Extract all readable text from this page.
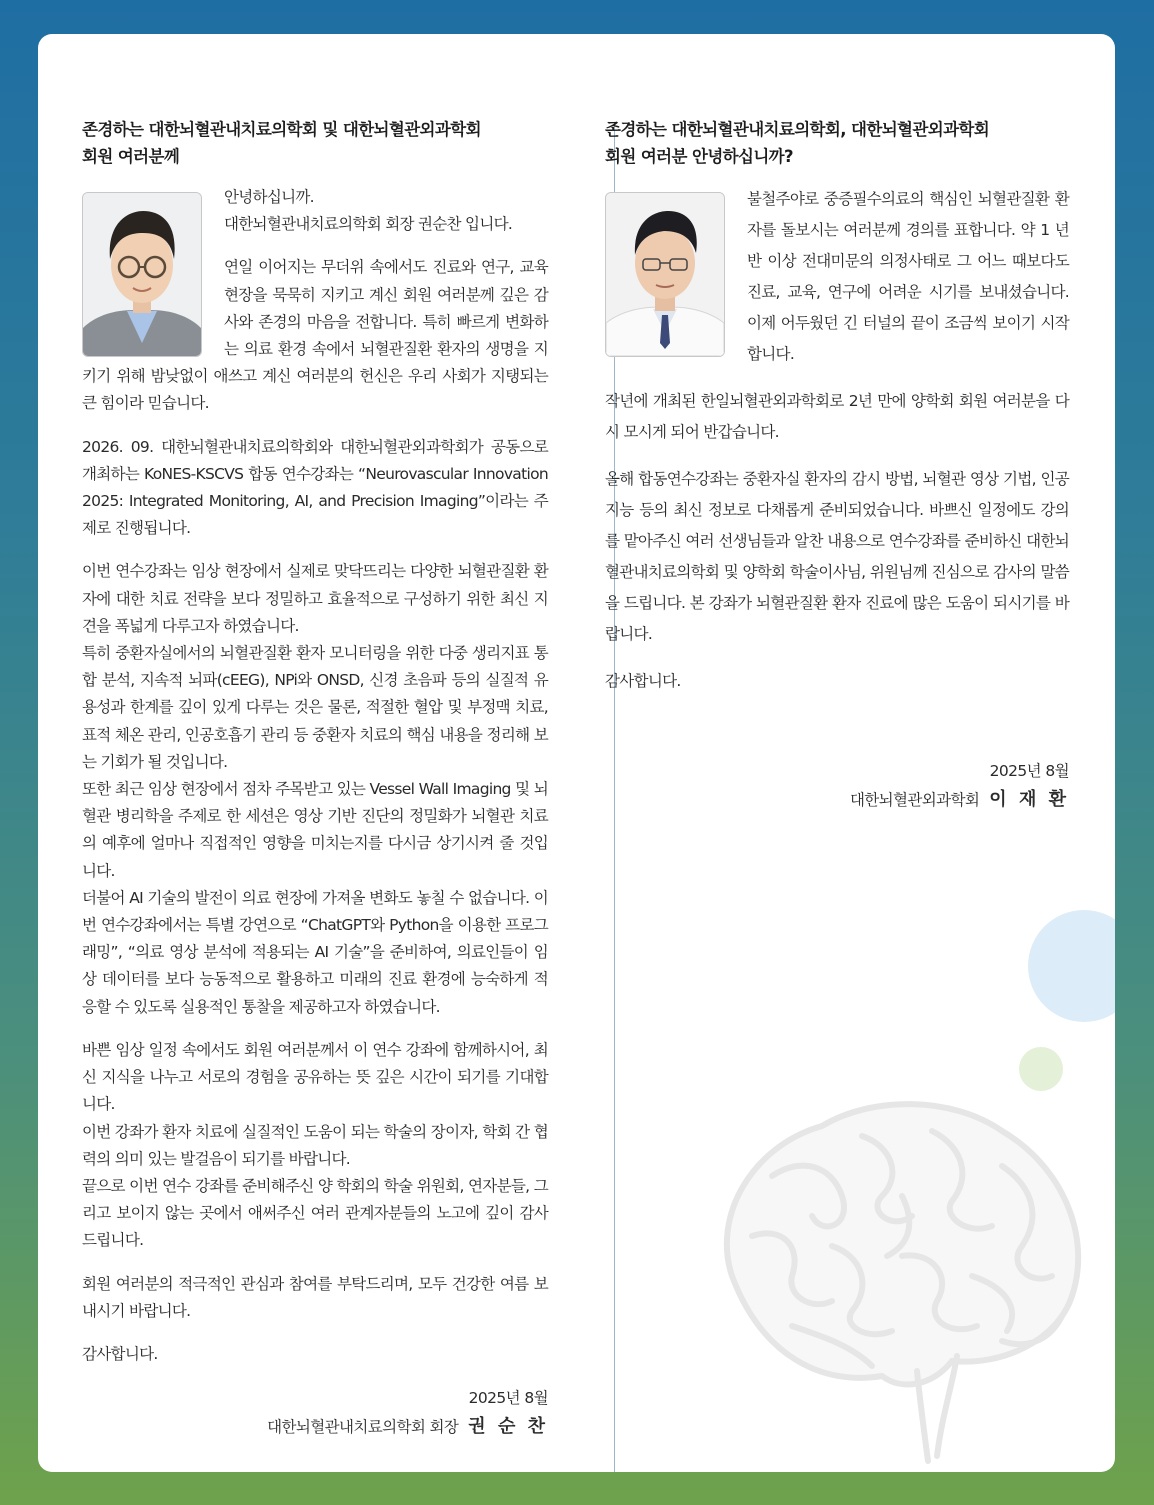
존경하는 대한뇌혈관내치료의학회 및 대한뇌혈관외과학회
회원 여러분께

안녕하십니까.

대한뇌혈관내치료의학회 회장 권순찬 입니다.

연일 이어지는 무더위 속에서도 진료와 연구, 교육 현장을 묵묵히 지키고 계신 회원 여러분께 깊은 감사와 존경의 마음을 전합니다. 특히 빠르게 변화하는 의료 환경 속에서 뇌혈관질환 환자의 생명을 지키기 위해 밤낮없이 애쓰고 계신 여러분의 헌신은 우리 사회가 지탱되는 큰 힘이라 믿습니다.

2026. 09. 대한뇌혈관내치료의학회와 대한뇌혈관외과학회가 공동으로 개최하는 KoNES-KSCVS 합동 연수강좌는 “Neurovascular Innovation 2025: Integrated Monitoring, AI, and Precision Imaging”이라는 주제로 진행됩니다.

이번 연수강좌는 임상 현장에서 실제로 맞닥뜨리는 다양한 뇌혈관질환 환자에 대한 치료 전략을 보다 정밀하고 효율적으로 구성하기 위한 최신 지견을 폭넓게 다루고자 하였습니다.

특히 중환자실에서의 뇌혈관질환 환자 모니터링을 위한 다중 생리지표 통합 분석, 지속적 뇌파(cEEG), NPi와 ONSD, 신경 초음파 등의 실질적 유용성과 한계를 깊이 있게 다루는 것은 물론, 적절한 혈압 및 부정맥 치료, 표적 체온 관리, 인공호흡기 관리 등 중환자 치료의 핵심 내용을 정리해 보는 기회가 될 것입니다.

또한 최근 임상 현장에서 점차 주목받고 있는 Vessel Wall Imaging 및 뇌혈관 병리학을 주제로 한 세션은 영상 기반 진단의 정밀화가 뇌혈관 치료의 예후에 얼마나 직접적인 영향을 미치는지를 다시금 상기시켜 줄 것입니다.

더불어 AI 기술의 발전이 의료 현장에 가져올 변화도 놓칠 수 없습니다. 이번 연수강좌에서는 특별 강연으로 “ChatGPT와 Python을 이용한 프로그래밍”, “의료 영상 분석에 적용되는 AI 기술”을 준비하여, 의료인들이 임상 데이터를 보다 능동적으로 활용하고 미래의 진료 환경에 능숙하게 적응할 수 있도록 실용적인 통찰을 제공하고자 하였습니다.

바쁜 임상 일정 속에서도 회원 여러분께서 이 연수 강좌에 함께하시어, 최신 지식을 나누고 서로의 경험을 공유하는 뜻 깊은 시간이 되기를 기대합니다.

이번 강좌가 환자 치료에 실질적인 도움이 되는 학술의 장이자, 학회 간 협력의 의미 있는 발걸음이 되기를 바랍니다.

끝으로 이번 연수 강좌를 준비해주신 양 학회의 학술 위원회, 연자분들, 그리고 보이지 않는 곳에서 애써주신 여러 관계자분들의 노고에 깊이 감사드립니다.

회원 여러분의 적극적인 관심과 참여를 부탁드리며, 모두 건강한 여름 보내시기 바랍니다.

감사합니다.

2025년 8월
대한뇌혈관내치료의학회 회장 권 순 찬
존경하는 대한뇌혈관내치료의학회, 대한뇌혈관외과학회
회원 여러분 안녕하십니까?

불철주야로 중증필수의료의 핵심인 뇌혈관질환 환자를 돌보시는 여러분께 경의를 표합니다. 약 1 년 반 이상 전대미문의 의정사태로 그 어느 때보다도 진료, 교육, 연구에 어려운 시기를 보내셨습니다. 이제 어두웠던 긴 터널의 끝이 조금씩 보이기 시작합니다.

작년에 개최된 한일뇌혈관외과학회로 2년 만에 양학회 회원 여러분을 다시 모시게 되어 반갑습니다.

올해 합동연수강좌는 중환자실 환자의 감시 방법, 뇌혈관 영상 기법, 인공 지능 등의 최신 정보로 다채롭게 준비되었습니다. 바쁘신 일정에도 강의를 맡아주신 여러 선생님들과 알찬 내용으로 연수강좌를 준비하신 대한뇌혈관내치료의학회 및 양학회 학술이사님, 위원님께 진심으로 감사의 말씀을 드립니다. 본 강좌가 뇌혈관질환 환자 진료에 많은 도움이 되시기를 바랍니다.

감사합니다.

2025년 8월
대한뇌혈관외과학회 이 재 환
